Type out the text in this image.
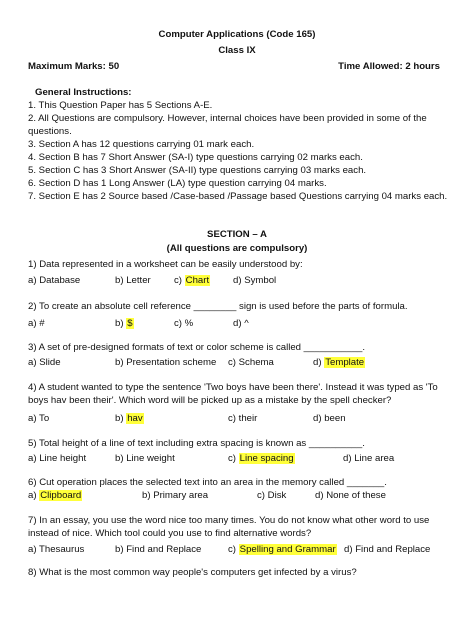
Computer Applications (Code 165)
Class IX
Maximum Marks: 50	Time Allowed: 2 hours
General Instructions:
1. This Question Paper has 5 Sections A-E.
2. All Questions are compulsory. However, internal choices have been provided in some of the questions.
3. Section A has 12 questions carrying 01 mark each.
4. Section B has 7 Short Answer (SA-I) type questions carrying 02 marks each.
5. Section C has 3 Short Answer (SA-II) type questions carrying 03 marks each.
6. Section D has 1 Long Answer (LA) type question carrying 04 marks.
7. Section E has 2 Source based /Case-based /Passage based Questions carrying 04 marks each.
SECTION – A
(All questions are compulsory)
1) Data represented in a worksheet can be easily understood by:
a) Database	b) Letter c) Chart d) Symbol
2) To create an absolute cell reference ________ sign is used before the parts of formula.
a) #	b) $	c) %	d) ^
3) A set of pre-designed formats of text or color scheme is called ___________.
a) Slide	b) Presentation scheme c) Schema	d) Template
4) A student wanted to type the sentence 'Two boys have been there'. Instead it was typed as 'To boys hav been their'. Which word will be picked up as a mistake by the spell checker?
a) To	b) hav	c) their	d) been
5) Total height of a line of text including extra spacing is known as __________.
a) Line height	b) Line weight	c) Line spacing	d) Line area
6) Cut operation places the selected text into an area in the memory called _______.
a) Clipboard	b) Primary area	c) Disk	d) None of these
7) In an essay, you use the word nice too many times. You do not know what other word to use instead of nice. Which tool could you use to find alternative words?
a) Thesaurus	b) Find and Replace	c) Spelling and Grammar d) Find and Replace
8) What is the most common way people's computers get infected by a virus?
